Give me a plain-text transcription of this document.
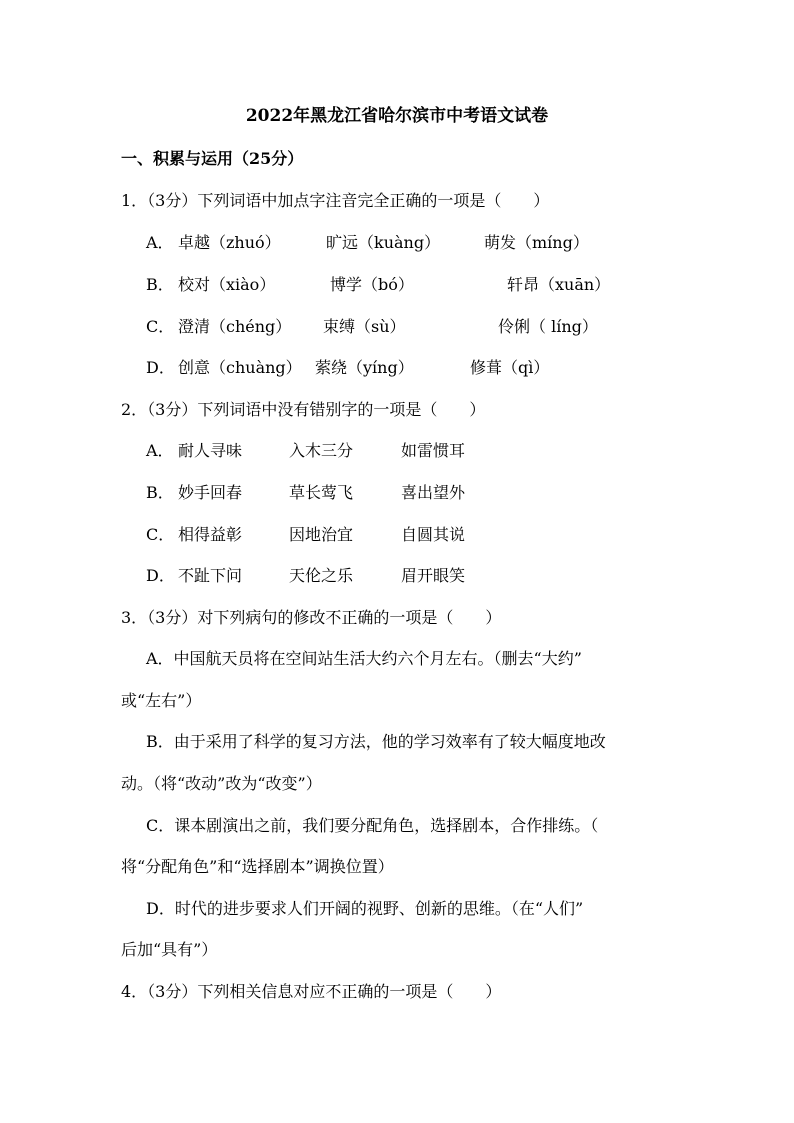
2022年黑龙江省哈尔滨市中考语文试卷
一、积累与运用（25分）
1．（3分）下列词语中加点字注音完全正确的一项是（　　）
A． 卓越（zhuó）	旷远（kuàng）	萌发（míng）
B． 校对（xiào）	博学（bó）	轩昂（xuān）
C． 澄清（chéng） 束缚（sù）	伶俐（ líng）
D． 创意（chuàng） 萦绕（yíng）	修葺（qì）
2．（3分）下列词语中没有错别字的一项是（　　）
A． 耐人寻味	入木三分	如雷惯耳
B． 妙手回春	草长莺飞	喜出望外
C． 相得益彰	因地治宜	自圆其说
D． 不趾下问	天伦之乐	眉开眼笑
3．（3分）对下列病句的修改不正确的一项是（　　）
A．中国航天员将在空间站生活大约六个月左右。（删去“大约”
或“左右”）
B．由于采用了科学的复习方法，他的学习效率有了较大幅度地改
动。（将“改动”改为“改变”）
C．课本剧演出之前，我们要分配角色，选择剧本，合作排练。（
将“分配角色”和“选择剧本”调换位置）
D．时代的进步要求人们开阔的视野、创新的思维。（在“人们”
后加“具有”）
4．（3分）下列相关信息对应不正确的一项是（　　）
